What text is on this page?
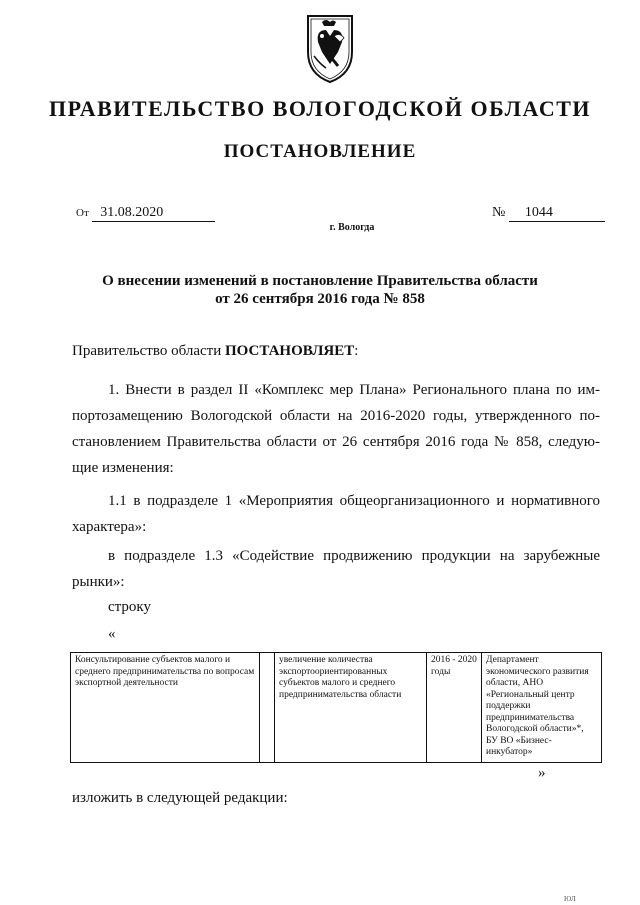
ПРАВИТЕЛЬСТВО ВОЛОГОДСКОЙ ОБЛАСТИ
ПОСТАНОВЛЕНИЕ
От 31.08.2020	№ 1044
г. Вологда
О внесении изменений в постановление Правительства области
от 26 сентября 2016 года № 858
Правительство области ПОСТАНОВЛЯЕТ:
1. Внести в раздел II «Комплекс мер Плана» Регионального плана по им-
портозамещению Вологодской области на 2016-2020 годы, утвержденного по-
становлением Правительства области от 26 сентября 2016 года № 858, следую-
щие изменения:
1.1 в подразделе 1 «Мероприятия общеорганизационного и нормативного
характера»:
в подразделе 1.3 «Содействие продвижению продукции на зарубежные
рынки»:
строку
«
Консультирование субъектов малого и среднего предпринимательства по вопросам экспортной деятельности		увеличение количества экспортоориентированных субъектов малого и среднего предпринимательства области	2016 - 2020 годы	Департамент экономического развития области, АНО «Региональный центр поддержки предпринимательства Вологодской области»*, БУ ВО «Бизнес-инкубатор»
»
изложить в следующей редакции:
ЮЛ
